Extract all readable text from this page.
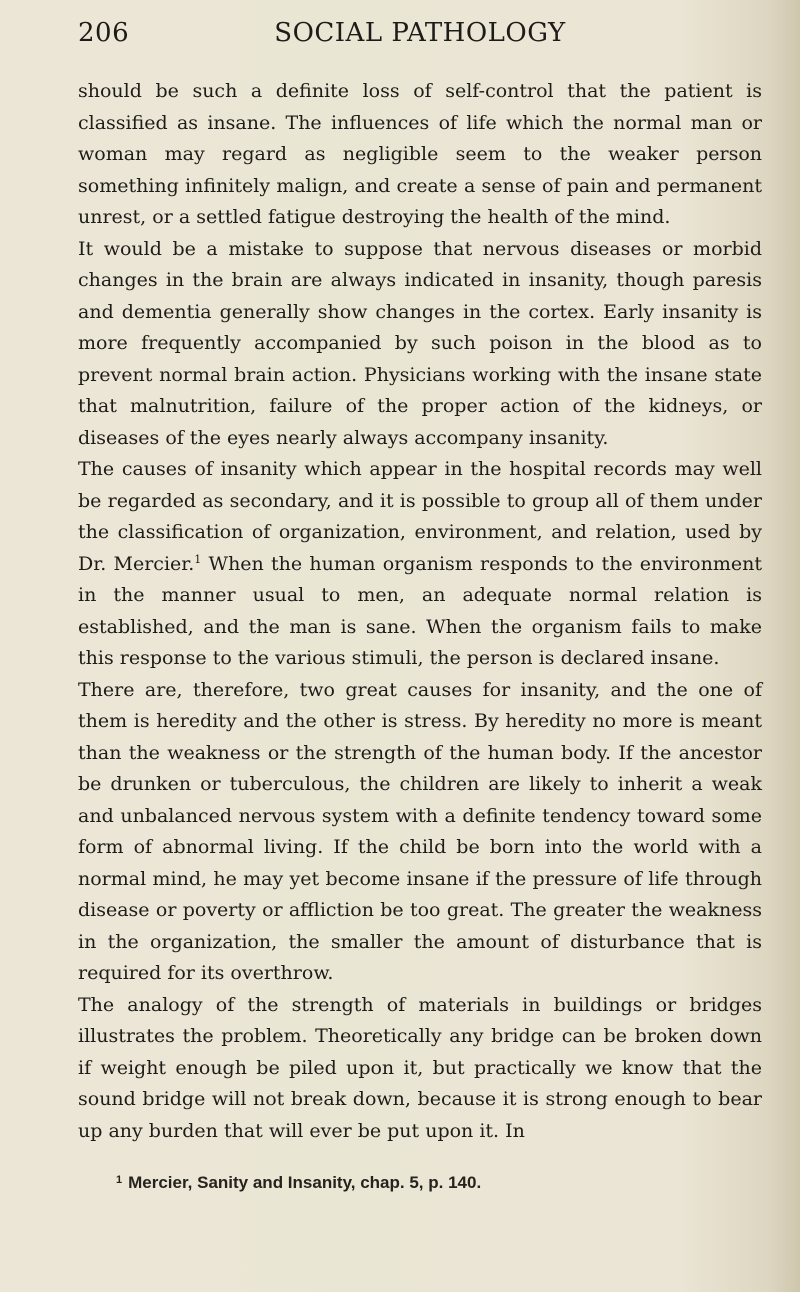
206	SOCIAL PATHOLOGY

should be such a definite loss of self-control that the patient is classified as insane. The influences of life which the normal man or woman may regard as negligible seem to the weaker person something infinitely malign, and create a sense of pain and permanent unrest, or a settled fatigue destroying the health of the mind.

It would be a mistake to suppose that nervous diseases or morbid changes in the brain are always indicated in insanity, though paresis and dementia generally show changes in the cortex. Early insanity is more frequently accompanied by such poison in the blood as to prevent normal brain action. Physicians working with the insane state that malnutrition, failure of the proper action of the kidneys, or diseases of the eyes nearly always accompany insanity.

The causes of insanity which appear in the hospital records may well be regarded as secondary, and it is possible to group all of them under the classification of organization, environment, and relation, used by Dr. Mercier.$^1$ When the human organism responds to the environment in the manner usual to men, an adequate normal relation is established, and the man is sane. When the organism fails to make this response to the various stimuli, the person is declared insane.

There are, therefore, two great causes for insanity, and the one of them is heredity and the other is stress. By heredity no more is meant than the weakness or the strength of the human body. If the ancestor be drunken or tuberculous, the children are likely to inherit a weak and unbalanced nervous system with a definite tendency toward some form of abnormal living. If the child be born into the world with a normal mind, he may yet become insane if the pressure of life through disease or poverty or affliction be too great. The greater the weakness in the organization, the smaller the amount of disturbance that is required for its overthrow.

The analogy of the strength of materials in buildings or bridges illustrates the problem. Theoretically any bridge can be broken down if weight enough be piled upon it, but practically we know that the sound bridge will not break down, because it is strong enough to bear up any burden that will ever be put upon it. In

$^1$ Mercier, Sanity and Insanity, chap. 5, p. 140.
